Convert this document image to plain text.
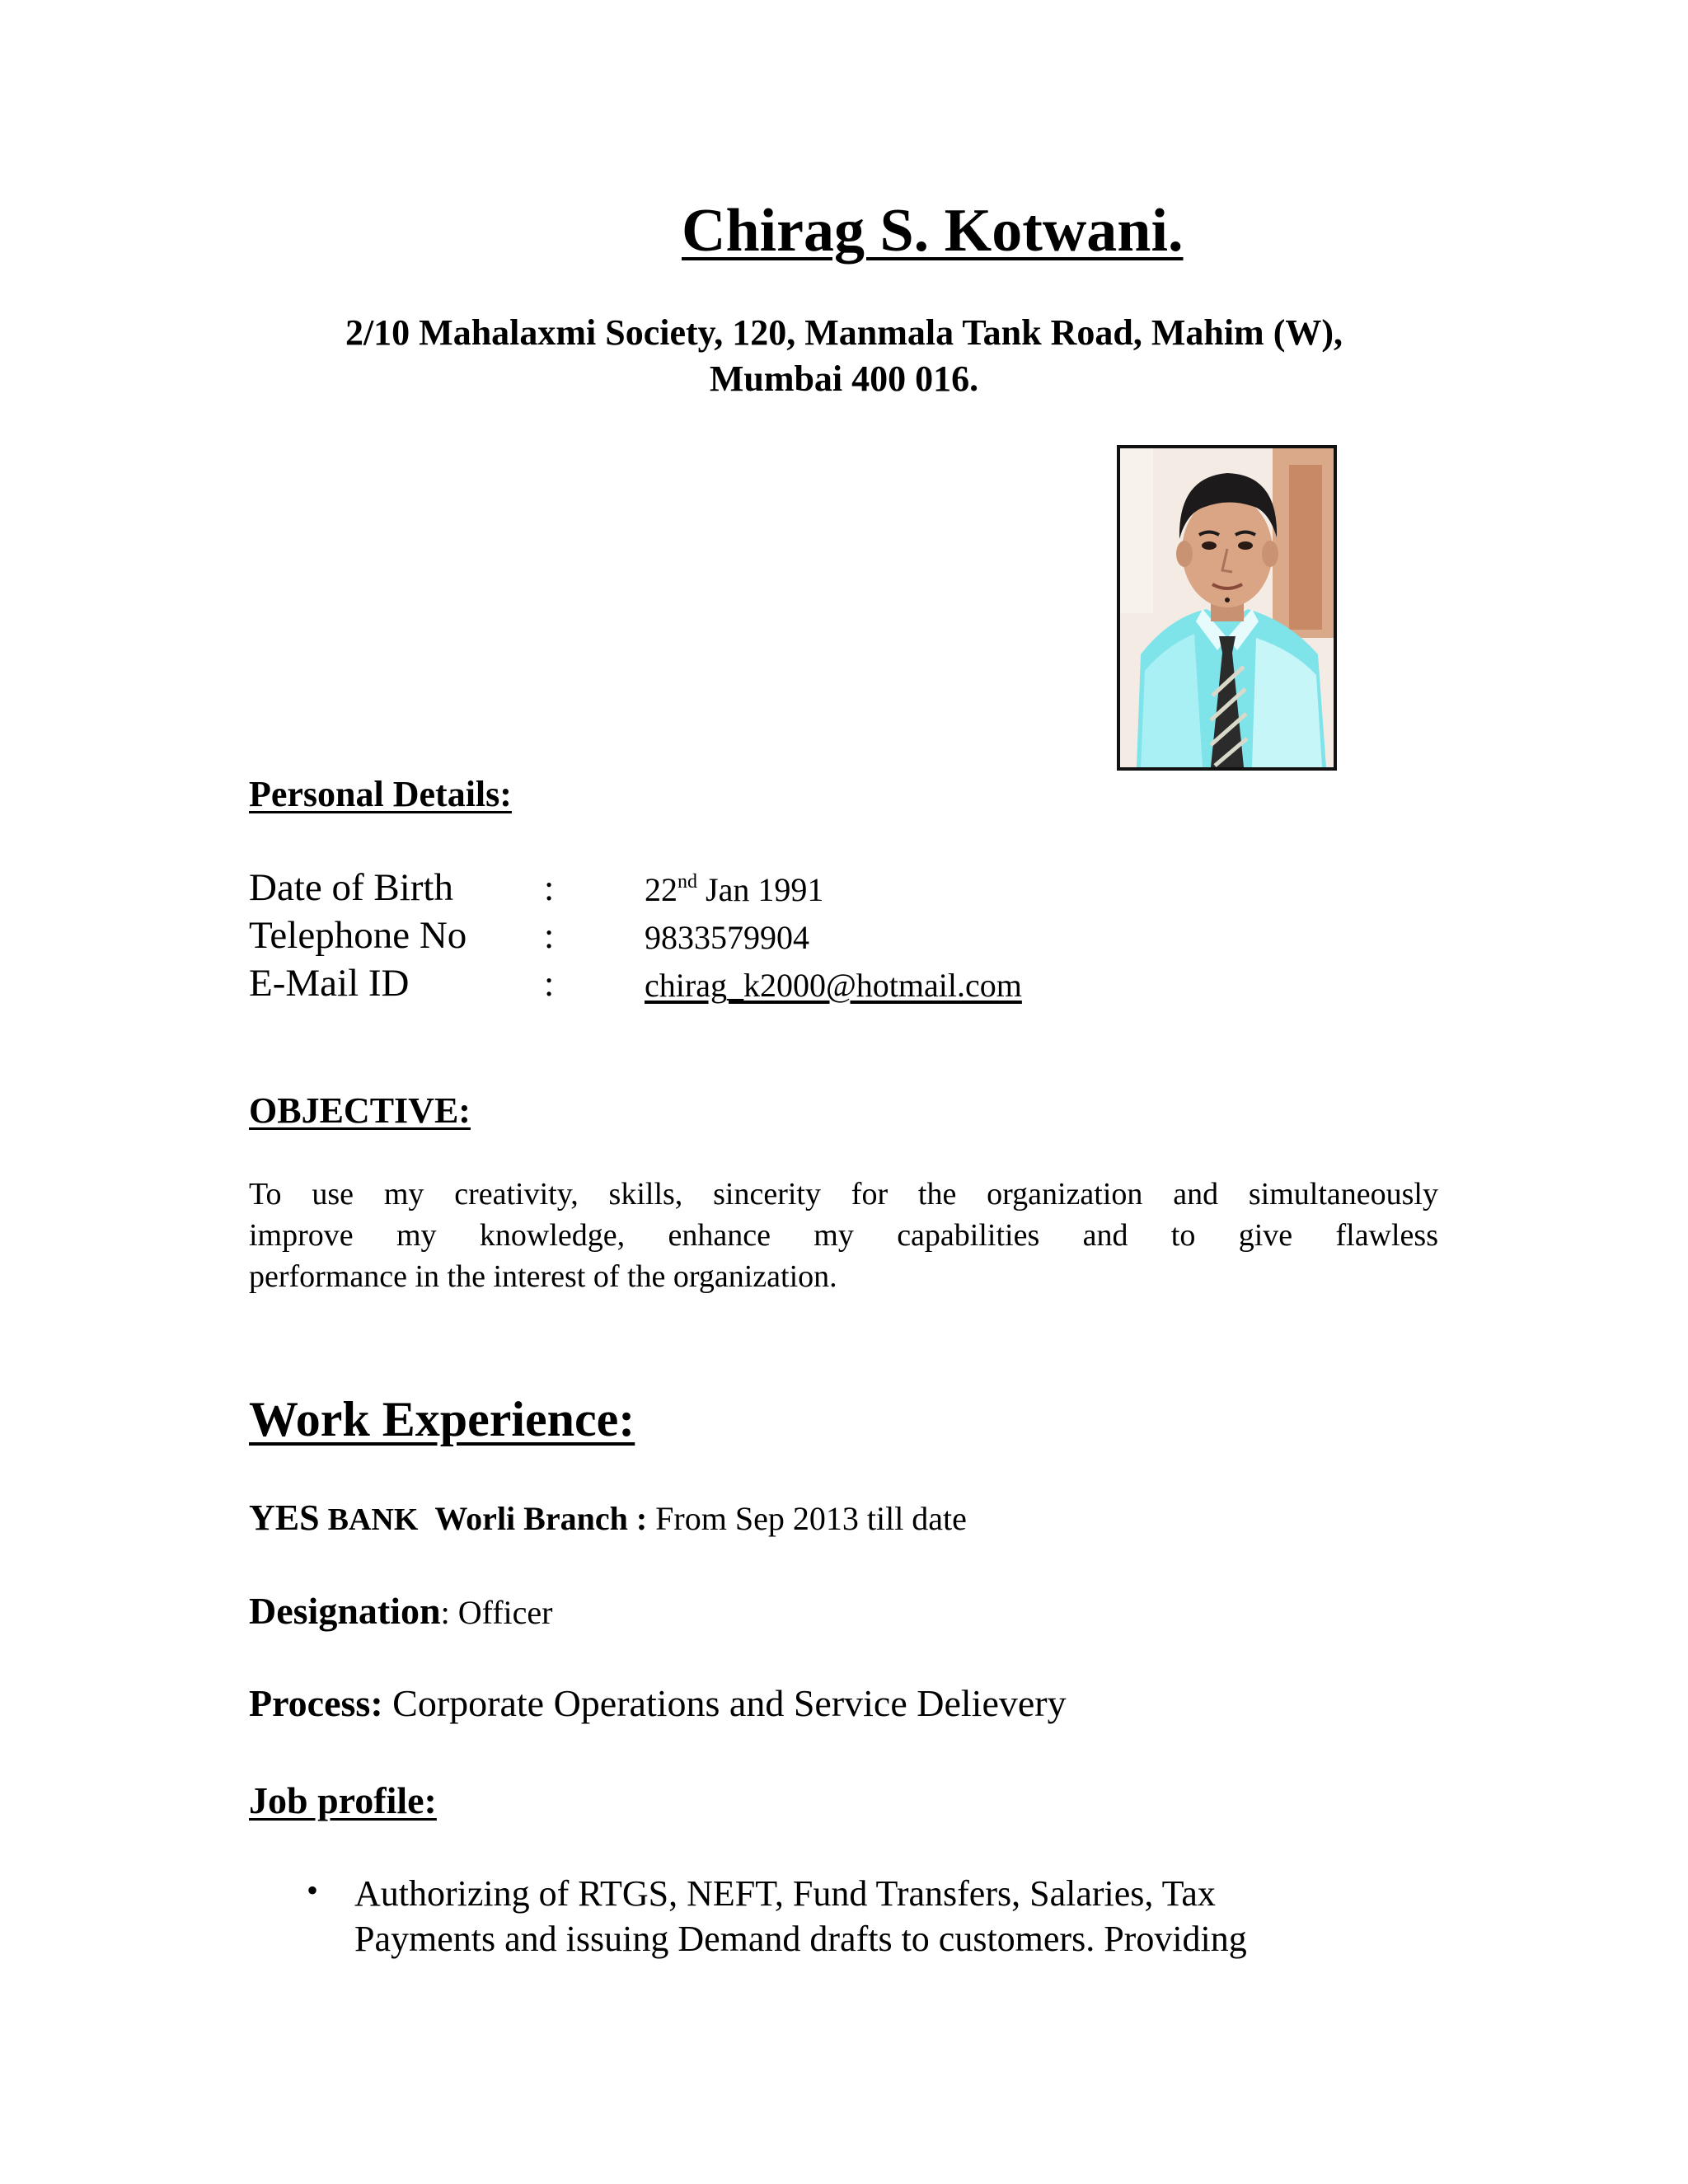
Chirag S. Kotwani.
2/10 Mahalaxmi Society, 120, Manmala Tank Road, Mahim (W),
Mumbai 400 016.
Personal Details:
Date of Birth	:	22nd Jan 1991
Telephone No :	9833579904
E-Mail ID	:	chirag_k2000@hotmail.com
OBJECTIVE:
To use my creativity, skills, sincerity for the organization and simultaneously
improve my knowledge, enhance my capabilities and to give flawless
performance in the interest of the organization.
Work Experience:
YES BANK Worli Branch : From Sep 2013 till date
Designation: Officer
Process: Corporate Operations and Service Delievery
Job profile:
• Authorizing of RTGS, NEFT, Fund Transfers, Salaries, Tax
Payments and issuing Demand drafts to customers. Providing
